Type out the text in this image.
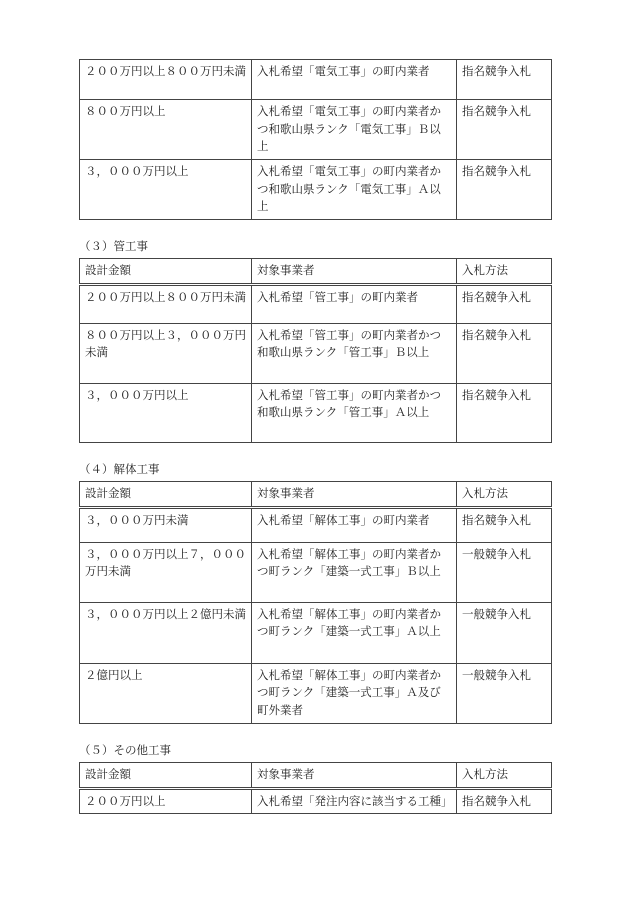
２００万円以上８００万円未満	入札希望「電気工事」の町内業者	指名競争入札
８００万円以上	入札希望「電気工事」の町内業者かつ和歌山県ランク「電気工事」Ｂ以上	指名競争入札
３，０００万円以上	入札希望「電気工事」の町内業者かつ和歌山県ランク「電気工事」Ａ以上	指名競争入札
（３）管工事
設計金額	対象事業者	入札方法
２００万円以上８００万円未満	入札希望「管工事」の町内業者	指名競争入札
８００万円以上３，０００万円未満	入札希望「管工事」の町内業者かつ和歌山県ランク「管工事」Ｂ以上	指名競争入札
３，０００万円以上	入札希望「管工事」の町内業者かつ和歌山県ランク「管工事」Ａ以上	指名競争入札
（４）解体工事
設計金額	対象事業者	入札方法
３，０００万円未満	入札希望「解体工事」の町内業者	指名競争入札
３，０００万円以上７，０００万円未満	入札希望「解体工事」の町内業者かつ町ランク「建築一式工事」Ｂ以上	一般競争入札
３，０００万円以上２億円未満	入札希望「解体工事」の町内業者かつ町ランク「建築一式工事」Ａ以上	一般競争入札
２億円以上	入札希望「解体工事」の町内業者かつ町ランク「建築一式工事」Ａ及び町外業者	一般競争入札
（５）その他工事
設計金額	対象事業者	入札方法
２００万円以上	入札希望「発注内容に該当する工種」	指名競争入札
